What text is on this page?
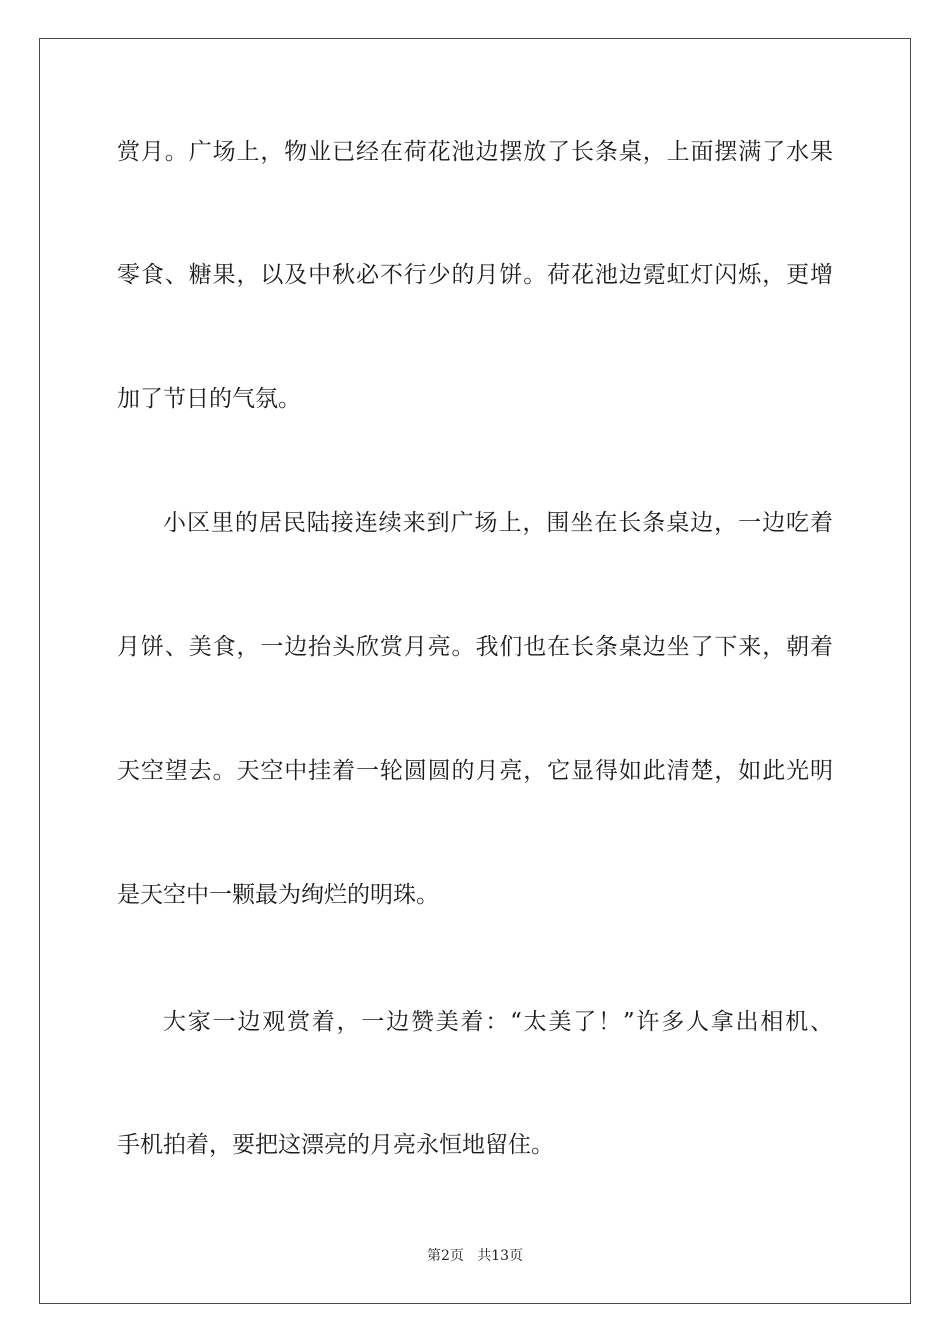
赏月。广场上，物业已经在荷花池边摆放了长条桌，上面摆满了水果
零食、糖果，以及中秋必不行少的月饼。荷花池边霓虹灯闪烁，更增
加了节日的气氛。
小区里的居民陆接连续来到广场上，围坐在长条桌边，一边吃着
月饼、美食，一边抬头欣赏月亮。我们也在长条桌边坐了下来，朝着
天空望去。天空中挂着一轮圆圆的月亮，它显得如此清楚，如此光明
是天空中一颗最为绚烂的明珠。
大家一边观赏着，一边赞美着：“太美了！”许多人拿出相机、
手机拍着，要把这漂亮的月亮永恒地留住。
第2页   共13页
